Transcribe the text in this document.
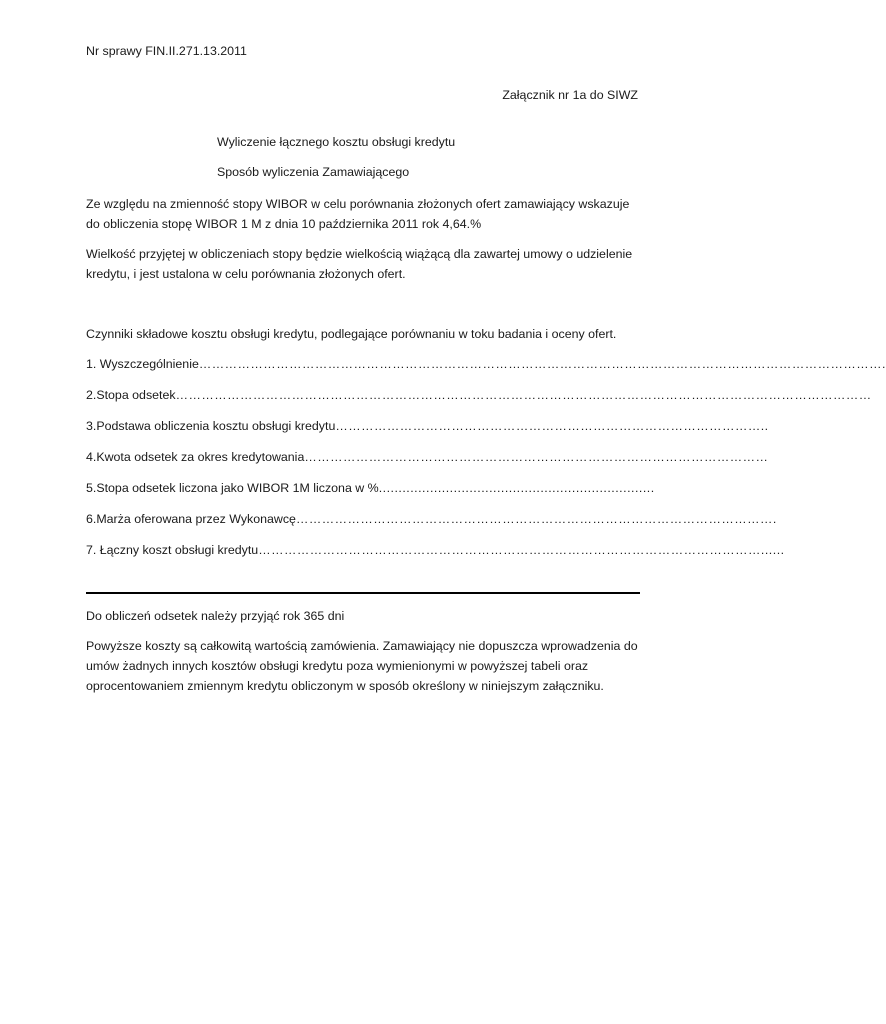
Nr sprawy FIN.II.271.13.2011
Załącznik nr 1a do SIWZ
Wyliczenie łącznego kosztu obsługi kredytu
Sposób wyliczenia Zamawiającego
Ze względu na zmienność stopy WIBOR w celu porównania złożonych ofert zamawiający wskazuje do obliczenia stopę WIBOR 1 M z dnia 10 października 2011 rok 4,64.%
Wielkość przyjętej w obliczeniach stopy będzie wielkością wiążącą dla zawartej umowy o udzielenie kredytu, i jest ustalona w celu porównania złożonych ofert.
Czynniki składowe kosztu obsługi kredytu, podlegające porównaniu w toku badania i oceny ofert.
1. Wyszczególnienie …………………………………………………………………………………………………………………………………………….
2.Stopa odsetek ………………………………………………………………………………………………………………………………………………
3.Podstawa obliczenia kosztu obsługi kredytu ………………………………………………………………………………………..
4.Kwota odsetek za okres kredytowania ………………………………………………………………………………………………
5.Stopa odsetek liczona jako WIBOR 1M liczona w % ......................................................................
6.Marża oferowana przez Wykonawcę ………………………………………………………………………………………………….
7. Łączny koszt obsługi kredytu ………………………………………………………………………………………………………......
Do obliczeń odsetek należy przyjąć rok 365 dni
Powyższe koszty są całkowitą wartością zamówienia. Zamawiający nie dopuszcza wprowadzenia do umów żadnych innych kosztów obsługi kredytu poza wymienionymi w powyższej tabeli oraz oprocentowaniem zmiennym kredytu obliczonym w sposób określony w niniejszym załączniku.
